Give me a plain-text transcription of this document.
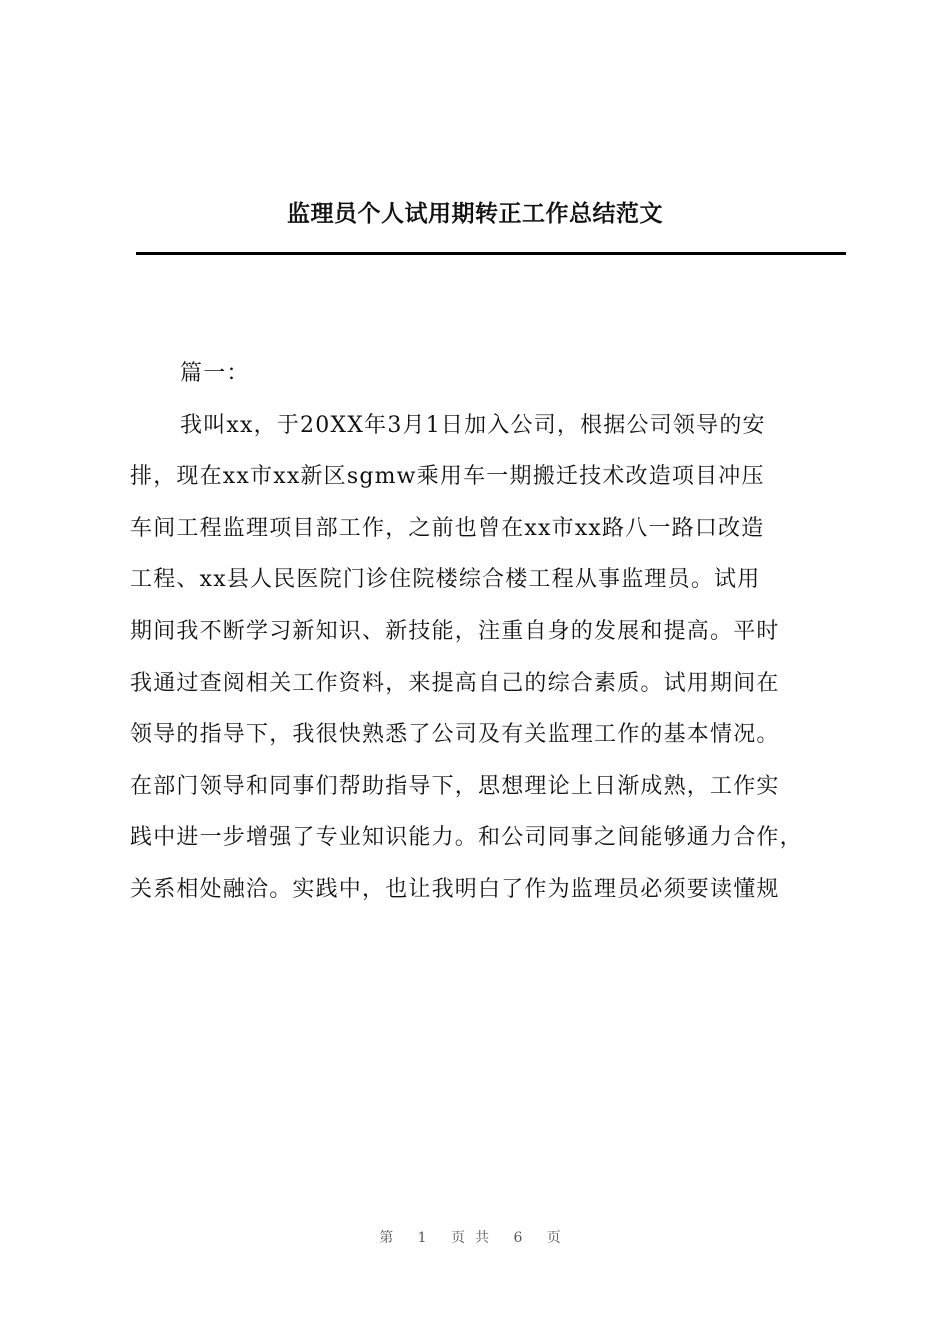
监理员个人试用期转正工作总结范文

篇一：

我叫xx，于20XX年3月1日加入公司，根据公司领导的安

排，现在xx市xx新区sgmw乘用车一期搬迁技术改造项目冲压

车间工程监理项目部工作，之前也曾在xx市xx路八一路口改造

工程、xx县人民医院门诊住院楼综合楼工程从事监理员。试用

期间我不断学习新知识、新技能，注重自身的发展和提高。平时

我通过查阅相关工作资料，来提高自己的综合素质。试用期间在

领导的指导下，我很快熟悉了公司及有关监理工作的基本情况。

在部门领导和同事们帮助指导下，思想理论上日渐成熟，工作实

践中进一步增强了专业知识能力。和公司同事之间能够通力合作，

关系相处融洽。实践中，也让我明白了作为监理员必须要读懂规

第 1 页共 6 页
